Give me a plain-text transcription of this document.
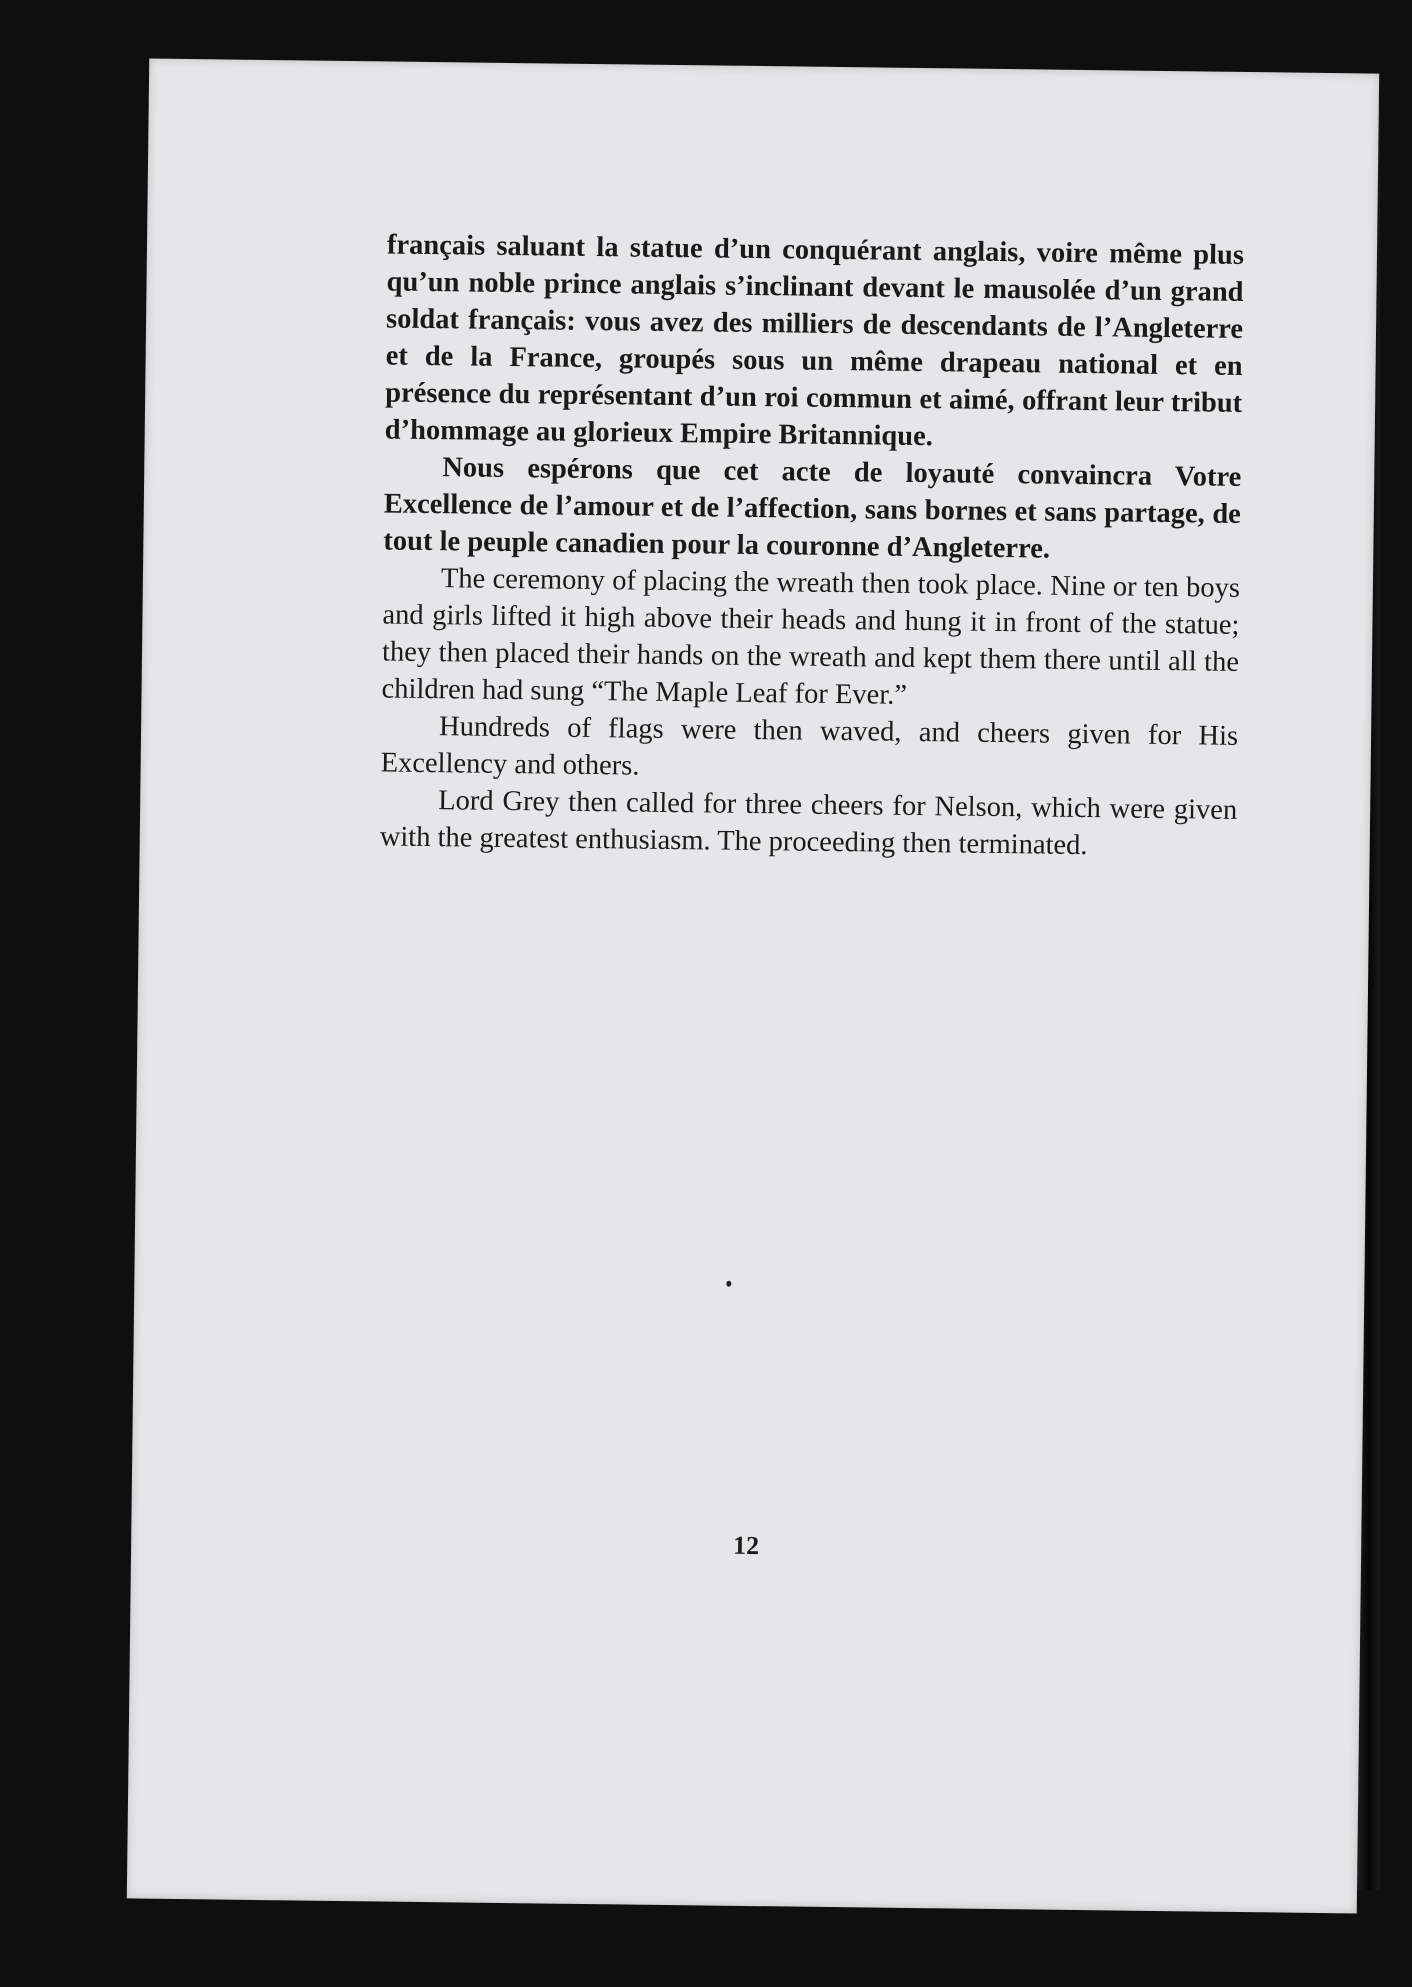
français saluant la statue d’un conquérant anglais, voire même plus qu’un noble prince anglais s’inclinant devant le mausolée d’un grand soldat français: vous avez des milliers de descendants de l’Angleterre et de la France, groupés sous un même drapeau national et en présence du représentant d’un roi commun et aimé, offrant leur tribut d’hommage au glorieux Empire Britannique.

Nous espérons que cet acte de loyauté convaincra Votre Excellence de l’amour et de l’affection, sans bornes et sans partage, de tout le peuple canadien pour la couronne d’Angleterre.

The ceremony of placing the wreath then took place. Nine or ten boys and girls lifted it high above their heads and hung it in front of the statue; they then placed their hands on the wreath and kept them there until all the children had sung “The Maple Leaf for Ever.”

Hundreds of flags were then waved, and cheers given for His Excellency and others.

Lord Grey then called for three cheers for Nelson, which were given with the greatest enthusiasm. The proceeding then terminated.

12
